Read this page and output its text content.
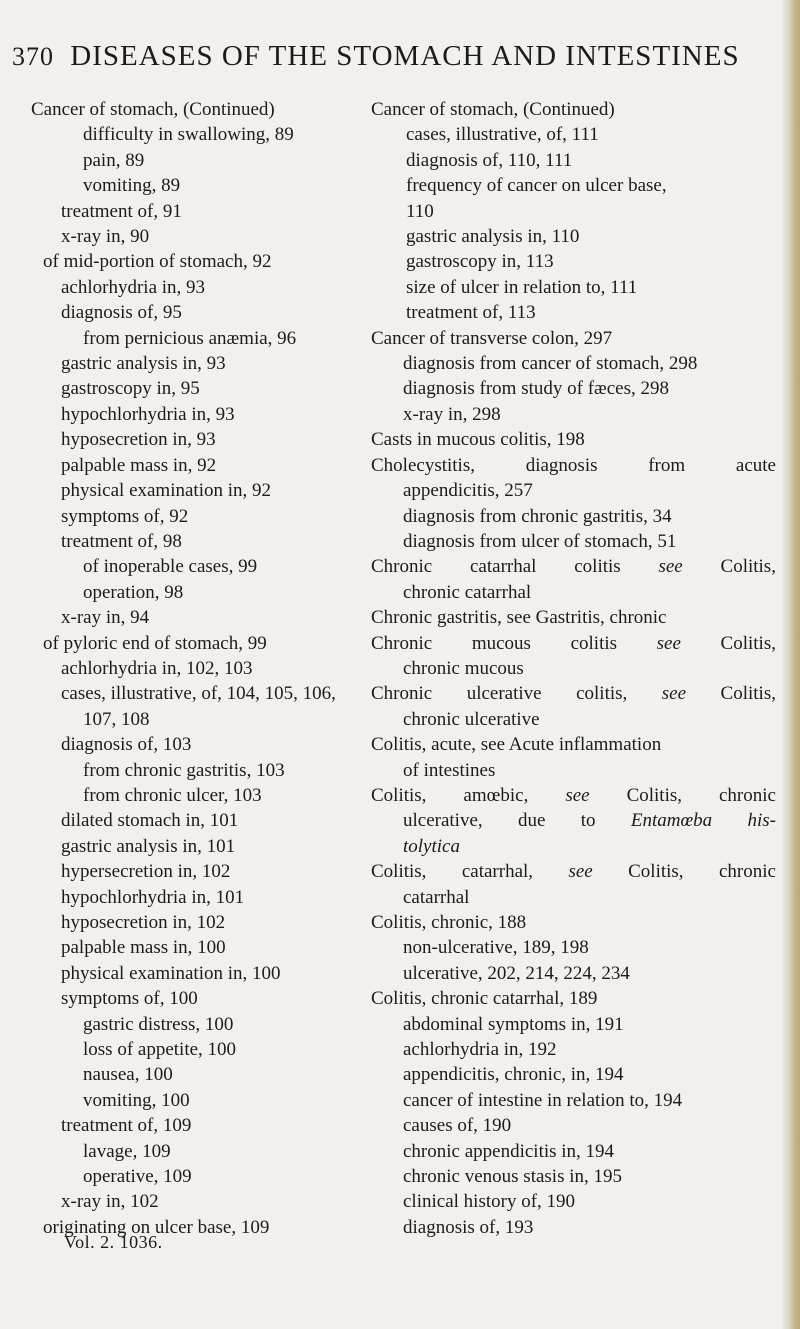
370 DISEASES OF THE STOMACH AND INTESTINES
Cancer of stomach, (Continued)
difficulty in swallowing, 89
pain, 89
vomiting, 89
treatment of, 91
x-ray in, 90
of mid-portion of stomach, 92
achlorhydria in, 93
diagnosis of, 95
from pernicious anæmia, 96
gastric analysis in, 93
gastroscopy in, 95
hypochlorhydria in, 93
hyposecretion in, 93
palpable mass in, 92
physical examination in, 92
symptoms of, 92
treatment of, 98
of inoperable cases, 99
operation, 98
x-ray in, 94
of pyloric end of stomach, 99
achlorhydria in, 102, 103
cases, illustrative, of, 104, 105, 106,
107, 108
diagnosis of, 103
from chronic gastritis, 103
from chronic ulcer, 103
dilated stomach in, 101
gastric analysis in, 101
hypersecretion in, 102
hypochlorhydria in, 101
hyposecretion in, 102
palpable mass in, 100
physical examination in, 100
symptoms of, 100
gastric distress, 100
loss of appetite, 100
nausea, 100
vomiting, 100
treatment of, 109
lavage, 109
operative, 109
x-ray in, 102
originating on ulcer base, 109
Cancer of stomach, (Continued)
cases, illustrative, of, 111
diagnosis of, 110, 111
frequency of cancer on ulcer base,
110
gastric analysis in, 110
gastroscopy in, 113
size of ulcer in relation to, 111
treatment of, 113
Cancer of transverse colon, 297
diagnosis from cancer of stomach, 298
diagnosis from study of fæces, 298
x-ray in, 298
Casts in mucous colitis, 198
Cholecystitis,	diagnosis	from	acute
appendicitis, 257
diagnosis from chronic gastritis, 34
diagnosis from ulcer of stomach, 51
Chronic catarrhal colitis see Colitis,
chronic catarrhal
Chronic gastritis, see Gastritis, chronic
Chronic mucous colitis see Colitis,
chronic mucous
Chronic ulcerative colitis, see Colitis,
chronic ulcerative
Colitis, acute, see Acute inflammation
of intestines
Colitis, amœbic, see Colitis, chronic
ulcerative, due to Entamœba his-
tolytica
Colitis, catarrhal, see Colitis, chronic
catarrhal
Colitis, chronic, 188
non-ulcerative, 189, 198
ulcerative, 202, 214, 224, 234
Colitis, chronic catarrhal, 189
abdominal symptoms in, 191
achlorhydria in, 192
appendicitis, chronic, in, 194
cancer of intestine in relation to, 194
causes of, 190
chronic appendicitis in, 194
chronic venous stasis in, 195
clinical history of, 190
diagnosis of, 193
Vol. 2. 1036.
